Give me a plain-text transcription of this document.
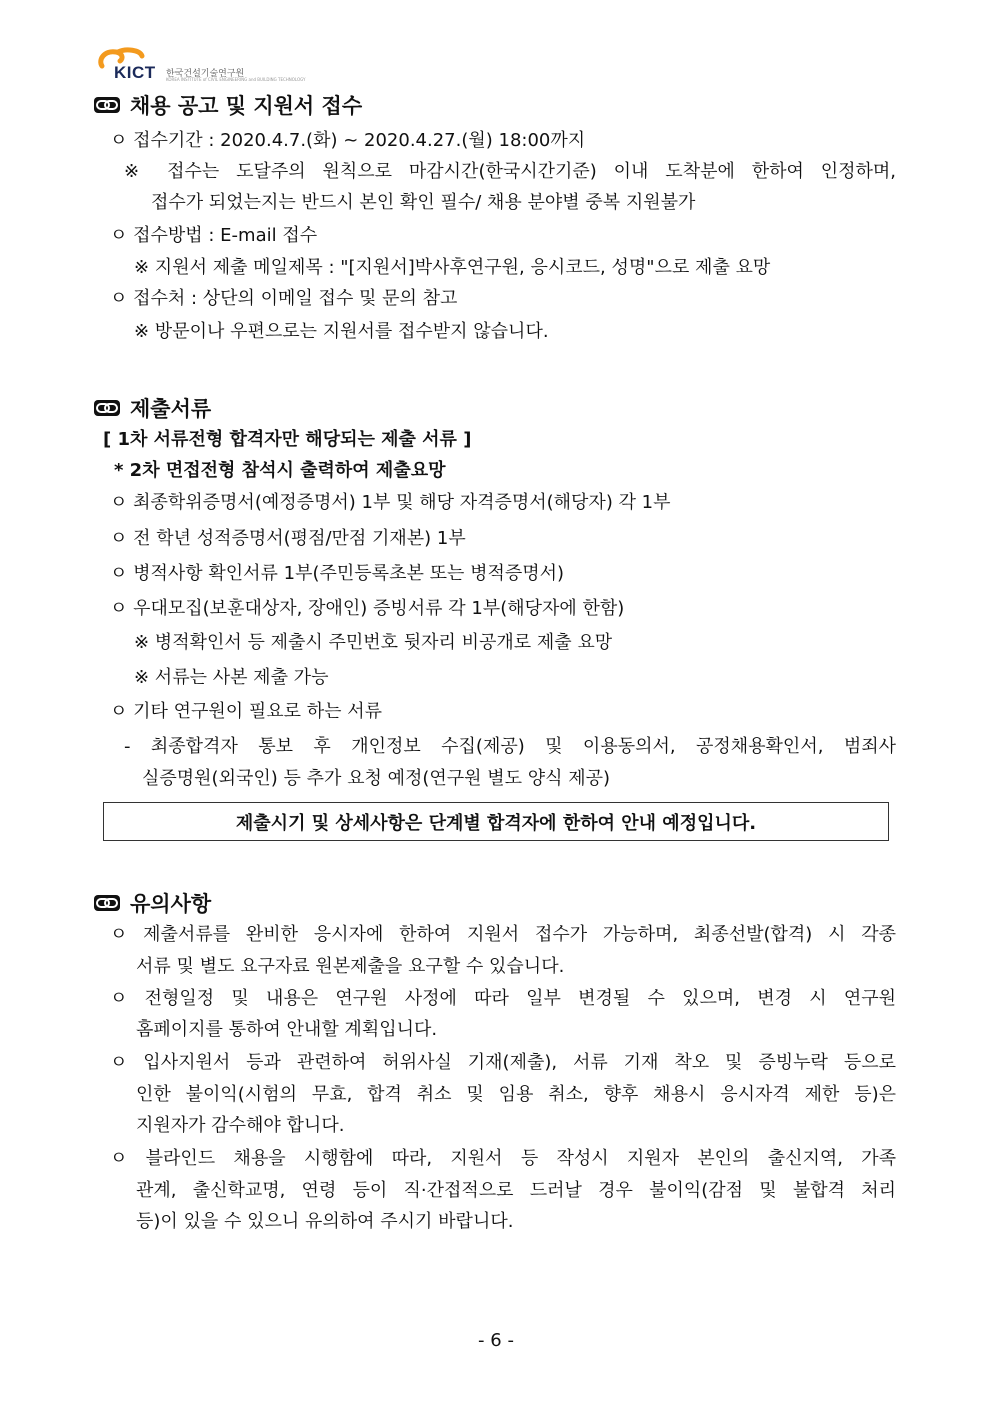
KICT 한국건설기술연구원
KOREA INSTITUTE of CIVIL ENGINEERING and BUILDING TECHNOLOGY
채용 공고 및 지원서 접수
ㅇ 접수기간 : 2020.4.7.(화) ~ 2020.4.27.(월) 18:00까지
※ 접수는 도달주의 원칙으로 마감시간(한국시간기준) 이내 도착분에 한하여 인정하며,
접수가 되었는지는 반드시 본인 확인 필수/ 채용 분야별 중복 지원불가
ㅇ 접수방법 : E-mail 접수
※ 지원서 제출 메일제목 : "[지원서]박사후연구원, 응시코드, 성명"으로 제출 요망
ㅇ 접수처 : 상단의 이메일 접수 및 문의 참고
※ 방문이나 우편으로는 지원서를 접수받지 않습니다.
제출서류
[ 1차 서류전형 합격자만 해당되는 제출 서류 ]
* 2차 면접전형 참석시 출력하여 제출요망
ㅇ 최종학위증명서(예정증명서) 1부 및 해당 자격증명서(해당자) 각 1부
ㅇ 전 학년 성적증명서(평점/만점 기재본) 1부
ㅇ 병적사항 확인서류 1부(주민등록초본 또는 병적증명서)
ㅇ 우대모집(보훈대상자, 장애인) 증빙서류 각 1부(해당자에 한함)
※ 병적확인서 등 제출시 주민번호 뒷자리 비공개로 제출 요망
※ 서류는 사본 제출 가능
ㅇ 기타 연구원이 필요로 하는 서류
- 최종합격자 통보 후 개인정보 수집(제공) 및 이용동의서, 공정채용확인서, 범죄사
실증명원(외국인) 등 추가 요청 예정(연구원 별도 양식 제공)
제출시기 및 상세사항은 단계별 합격자에 한하여 안내 예정입니다.
유의사항
ㅇ 제출서류를 완비한 응시자에 한하여 지원서 접수가 가능하며, 최종선발(합격) 시 각종
서류 및 별도 요구자료 원본제출을 요구할 수 있습니다.
ㅇ 전형일정 및 내용은 연구원 사정에 따라 일부 변경될 수 있으며, 변경 시 연구원
홈페이지를 통하여 안내할 계획입니다.
ㅇ 입사지원서 등과 관련하여 허위사실 기재(제출), 서류 기재 착오 및 증빙누락 등으로
인한 불이익(시험의 무효, 합격 취소 및 임용 취소, 향후 채용시 응시자격 제한 등)은
지원자가 감수해야 합니다.
ㅇ 블라인드 채용을 시행함에 따라, 지원서 등 작성시 지원자 본인의 출신지역, 가족
관계, 출신학교명, 연령 등이 직·간접적으로 드러날 경우 불이익(감점 및 불합격 처리
등)이 있을 수 있으니 유의하여 주시기 바랍니다.
- 6 -
